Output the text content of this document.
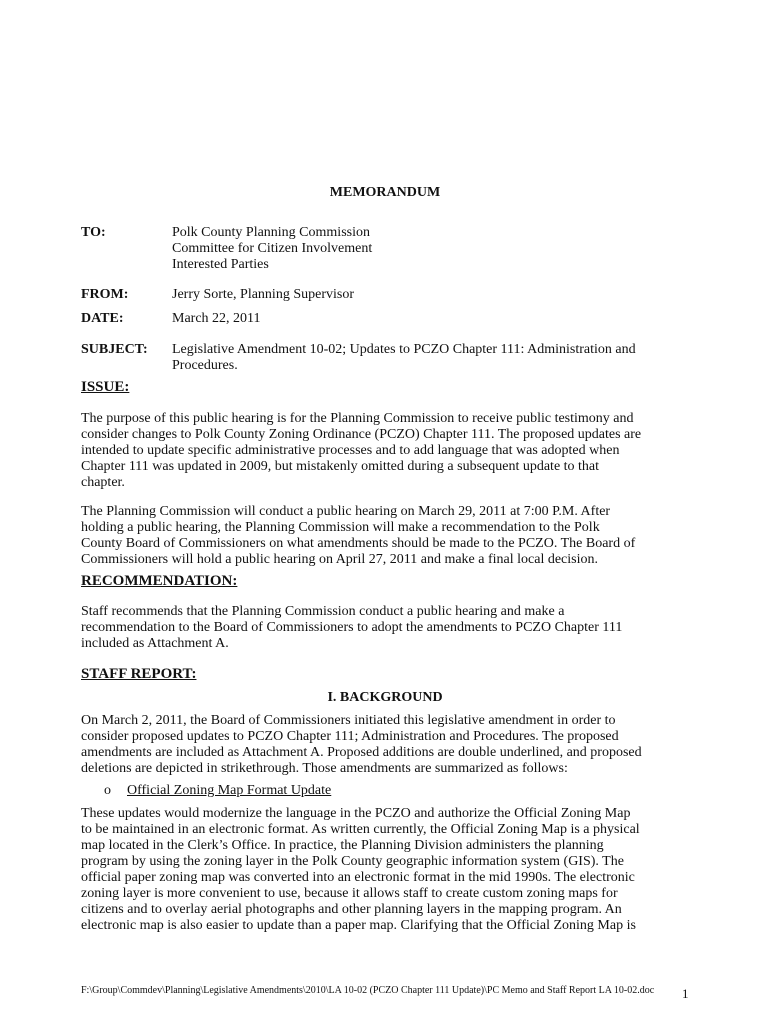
MEMORANDUM
TO:	Polk County Planning Commission
Committee for Citizen Involvement
Interested Parties
FROM:	Jerry Sorte, Planning Supervisor
DATE:	March 22, 2011
SUBJECT: Legislative Amendment 10-02; Updates to PCZO Chapter 111: Administration and
Procedures.
ISSUE:
The purpose of this public hearing is for the Planning Commission to receive public testimony and
consider changes to Polk County Zoning Ordinance (PCZO) Chapter 111. The proposed updates are
intended to update specific administrative processes and to add language that was adopted when
Chapter 111 was updated in 2009, but mistakenly omitted during a subsequent update to that
chapter.
The Planning Commission will conduct a public hearing on March 29, 2011 at 7:00 P.M. After
holding a public hearing, the Planning Commission will make a recommendation to the Polk
County Board of Commissioners on what amendments should be made to the PCZO. The Board of
Commissioners will hold a public hearing on April 27, 2011 and make a final local decision.
RECOMMENDATION:
Staff recommends that the Planning Commission conduct a public hearing and make a
recommendation to the Board of Commissioners to adopt the amendments to PCZO Chapter 111
included as Attachment A.
STAFF REPORT:
I. BACKGROUND
On March 2, 2011, the Board of Commissioners initiated this legislative amendment in order to
consider proposed updates to PCZO Chapter 111; Administration and Procedures. The proposed
amendments are included as Attachment A. Proposed additions are double underlined, and proposed
deletions are depicted in strikethrough. Those amendments are summarized as follows:
o Official Zoning Map Format Update
These updates would modernize the language in the PCZO and authorize the Official Zoning Map
to be maintained in an electronic format. As written currently, the Official Zoning Map is a physical
map located in the Clerk’s Office. In practice, the Planning Division administers the planning
program by using the zoning layer in the Polk County geographic information system (GIS). The
official paper zoning map was converted into an electronic format in the mid 1990s. The electronic
zoning layer is more convenient to use, because it allows staff to create custom zoning maps for
citizens and to overlay aerial photographs and other planning layers in the mapping program. An
electronic map is also easier to update than a paper map. Clarifying that the Official Zoning Map is
F:\Group\Commdev\Planning\Legislative Amendments\2010\LA 10-02 (PCZO Chapter 111 Update)\PC Memo and Staff Report LA 10-02.doc 1
